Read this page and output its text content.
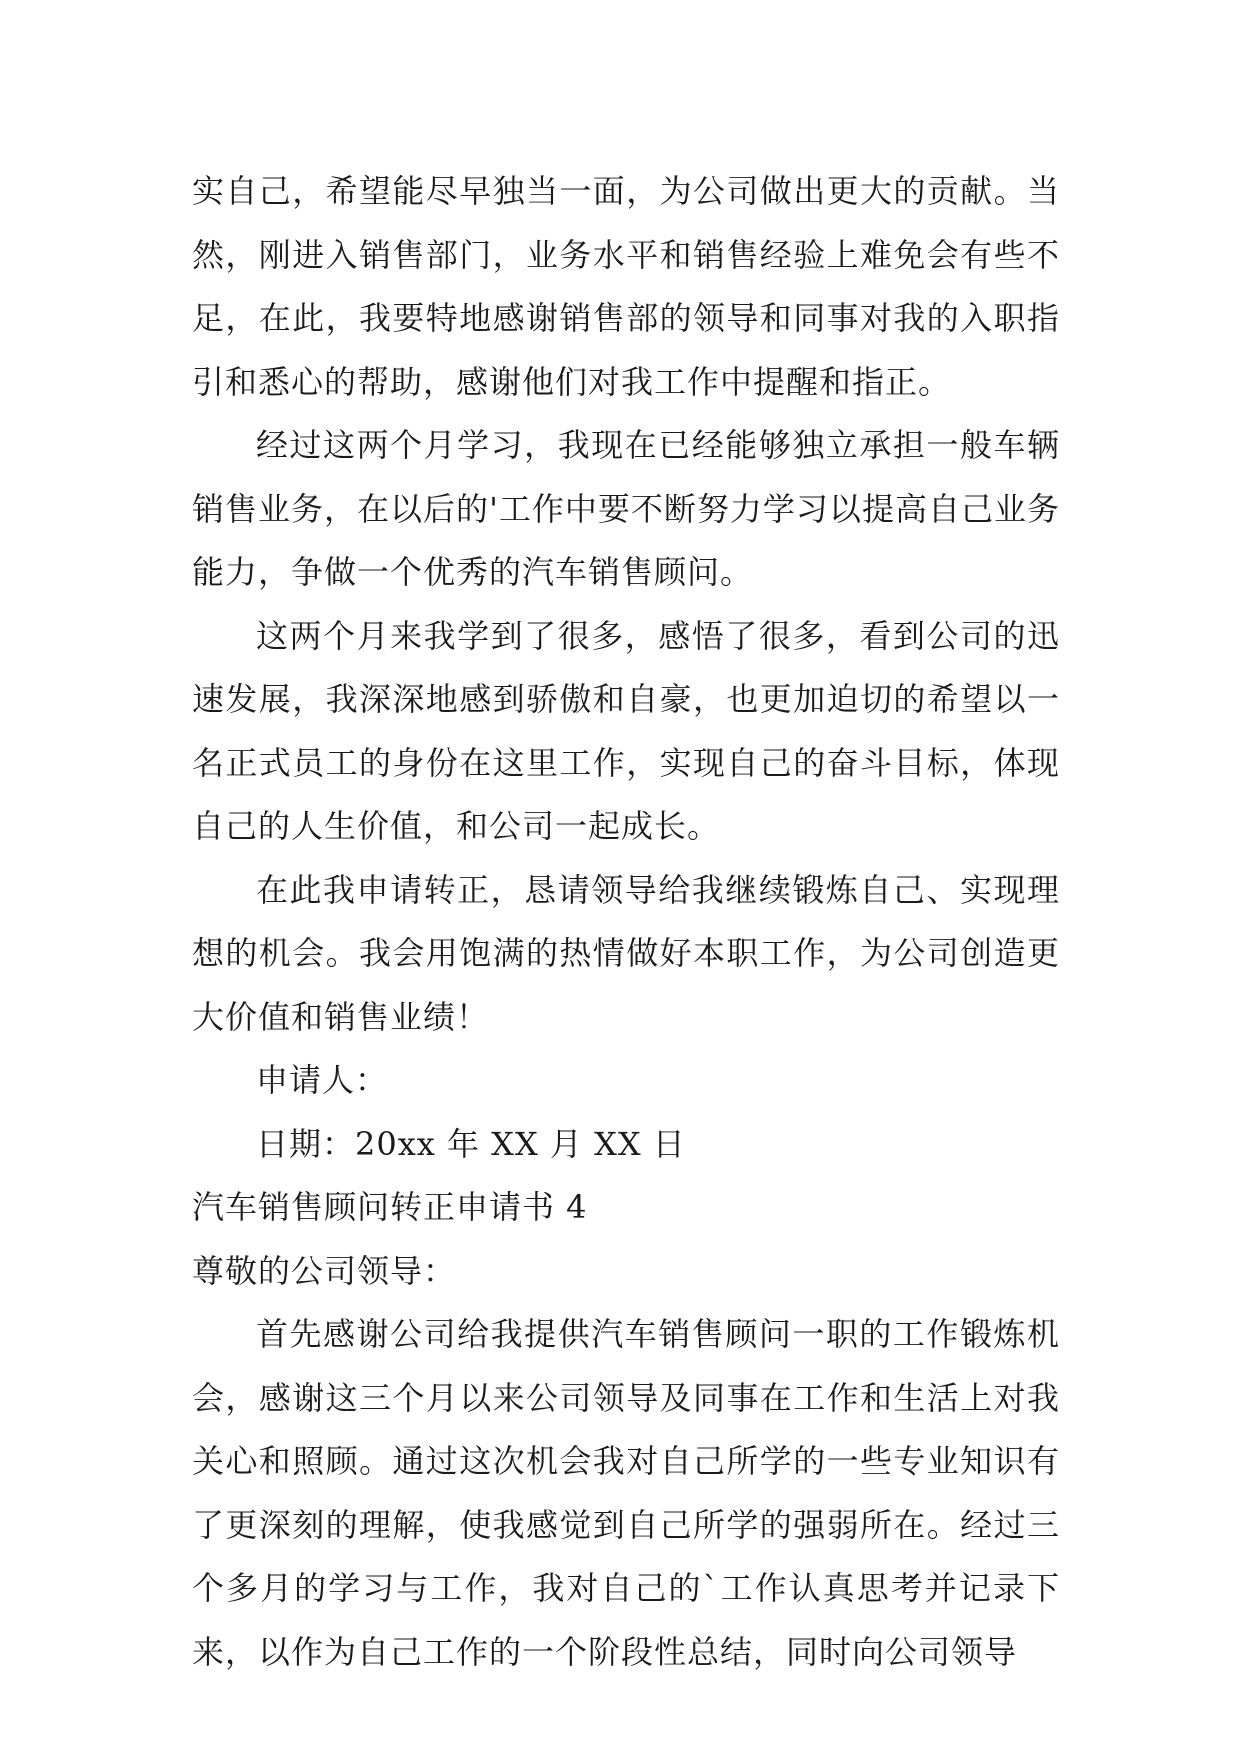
实自己，希望能尽早独当一面，为公司做出更大的贡献。当然，刚进入销售部门，业务水平和销售经验上难免会有些不足，在此，我要特地感谢销售部的领导和同事对我的入职指引和悉心的帮助，感谢他们对我工作中提醒和指正。

经过这两个月学习，我现在已经能够独立承担一般车辆销售业务，在以后的'工作中要不断努力学习以提高自己业务能力，争做一个优秀的汽车销售顾问。

这两个月来我学到了很多，感悟了很多，看到公司的迅速发展，我深深地感到骄傲和自豪，也更加迫切的希望以一名正式员工的身份在这里工作，实现自己的奋斗目标，体现自己的人生价值，和公司一起成长。

在此我申请转正，恳请领导给我继续锻炼自己、实现理想的机会。我会用饱满的热情做好本职工作，为公司创造更大价值和销售业绩！

申请人：

日期：20xx 年 XX 月 XX 日

汽车销售顾问转正申请书 4

尊敬的公司领导：

首先感谢公司给我提供汽车销售顾问一职的工作锻炼机会，感谢这三个月以来公司领导及同事在工作和生活上对我关心和照顾。通过这次机会我对自己所学的一些专业知识有了更深刻的理解，使我感觉到自己所学的强弱所在。经过三个多月的学习与工作，我对自己的`工作认真思考并记录下来，以作为自己工作的一个阶段性总结，同时向公司领导
